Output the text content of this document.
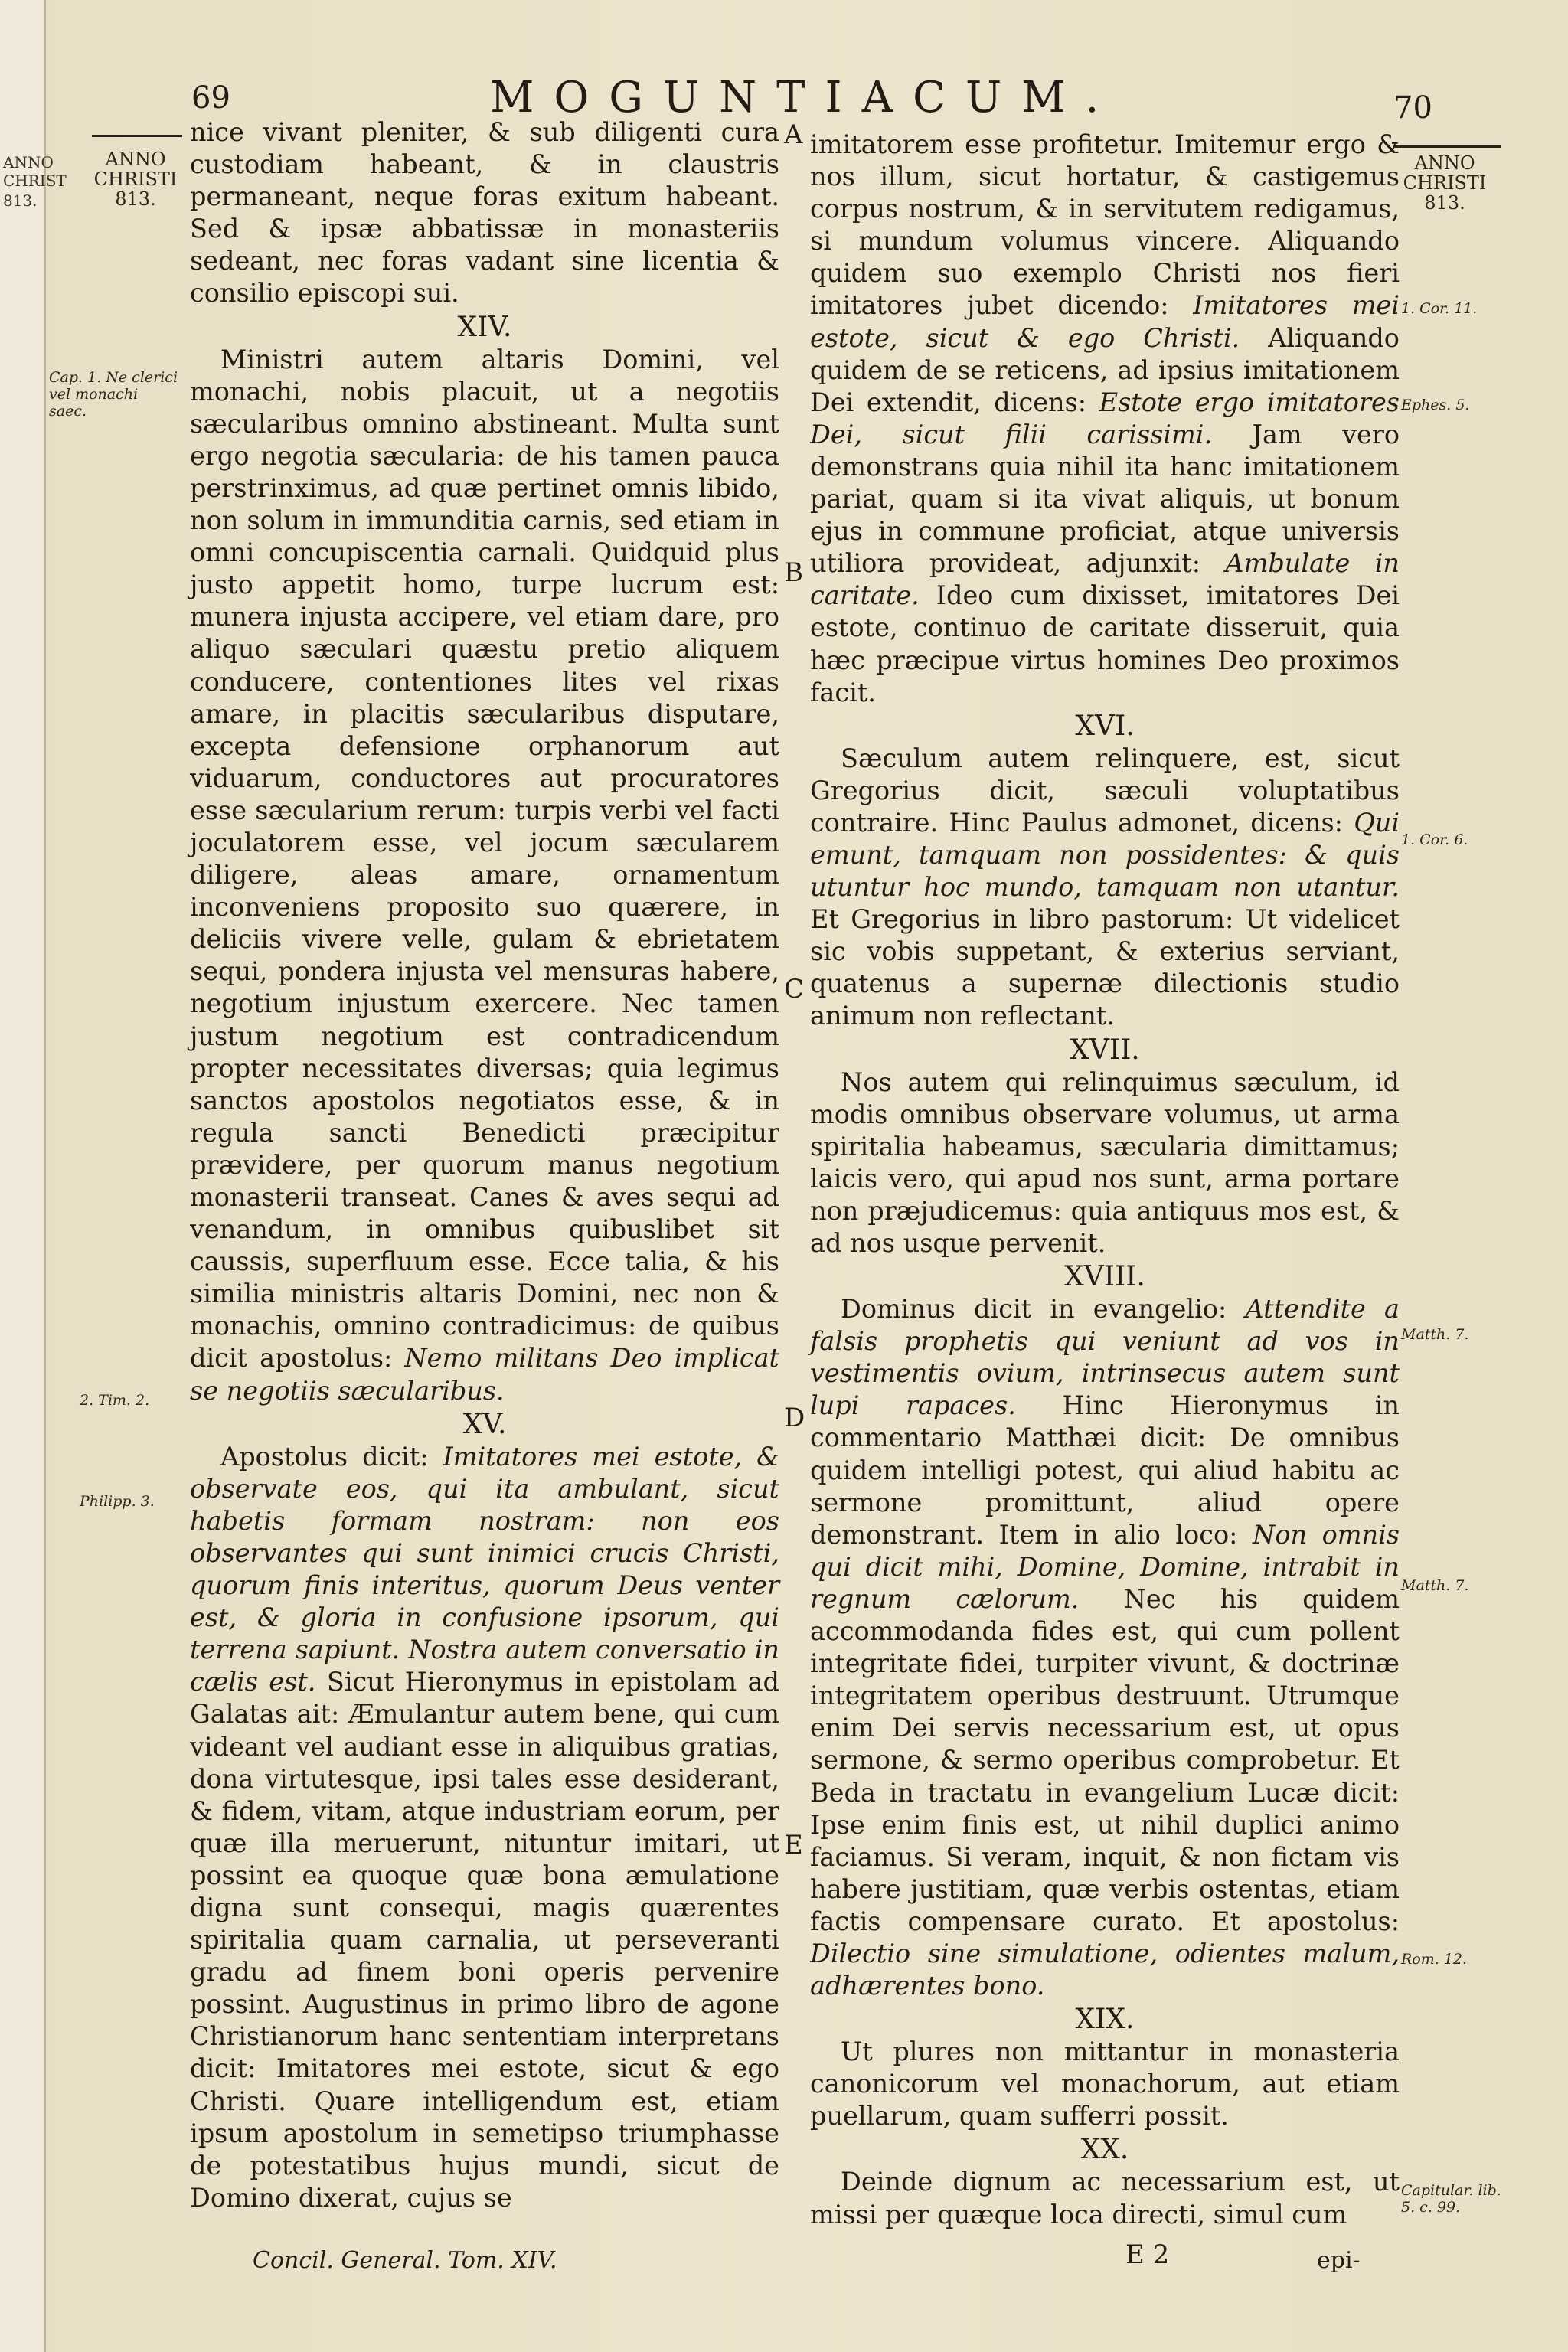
ANNO
CHRIST
813.
69	MOGUNTIACUM.	70
ANNO CHRISTI 813.
Cap. 1. Ne clerici vel monachi saec.
2. Tim. 2.
Philipp. 3.
ANNO CHRISTI 813.
1. Cor. 11.
Ephes. 5.
1. Cor. 6.
Matth. 7.
Matth. 7.
Rom. 12.
Capitular. lib. 5. c. 99.
A
B
C
D
E

nice vivant pleniter, & sub diligenti cura custodiam habeant, & in claustris permaneant, neque foras exitum habeant. Sed & ipsæ abbatissæ in monasteriis sedeant, nec foras vadant sine licentia & consilio episcopi sui.

XIV.

Ministri autem altaris Domini, vel monachi, nobis placuit, ut a negotiis sæcularibus omnino abstineant. Multa sunt ergo negotia sæcularia: de his tamen pauca perstrinximus, ad quæ pertinet omnis libido, non solum in immunditia carnis, sed etiam in omni concupiscentia carnali. Quidquid plus justo appetit homo, turpe lucrum est: munera injusta accipere, vel etiam dare, pro aliquo sæculari quæstu pretio aliquem conducere, contentiones lites vel rixas amare, in placitis sæcularibus disputare, excepta defensione orphanorum aut viduarum, conductores aut procuratores esse sæcularium rerum: turpis verbi vel facti joculatorem esse, vel jocum sæcularem diligere, aleas amare, ornamentum inconveniens proposito suo quærere, in deliciis vivere velle, gulam & ebrietatem sequi, pondera injusta vel mensuras habere, negotium injustum exercere. Nec tamen justum negotium est contradicendum propter necessitates diversas; quia legimus sanctos apostolos negotiatos esse, & in regula sancti Benedicti præcipitur prævidere, per quorum manus negotium monasterii transeat. Canes & aves sequi ad venandum, in omnibus quibuslibet sit caussis, superfluum esse. Ecce talia, & his similia ministris altaris Domini, nec non & monachis, omnino contradicimus: de quibus dicit apostolus: Nemo militans Deo implicat se negotiis sæcularibus.

XV.

Apostolus dicit: Imitatores mei estote, & observate eos, qui ita ambulant, sicut habetis formam nostram: non eos observantes qui sunt inimici crucis Christi, quorum finis interitus, quorum Deus venter est, & gloria in confusione ipsorum, qui terrena sapiunt. Nostra autem conversatio in cælis est. Sicut Hieronymus in epistolam ad Galatas ait: Æmulantur autem bene, qui cum videant vel audiant esse in aliquibus gratias, dona virtutesque, ipsi tales esse desiderant, & fidem, vitam, atque industriam eorum, per quæ illa meruerunt, nituntur imitari, ut possint ea quoque quæ bona æmulatione digna sunt consequi, magis quærentes spiritalia quam carnalia, ut perseveranti gradu ad finem boni operis pervenire possint. Augustinus in primo libro de agone Christianorum hanc sententiam interpretans dicit: Imitatores mei estote, sicut & ego Christi. Quare intelligendum est, etiam ipsum apostolum in semetipso triumphasse de potestatibus hujus mundi, sicut de Domino dixerat, cujus se

imitatorem esse profitetur. Imitemur ergo & nos illum, sicut hortatur, & castigemus corpus nostrum, & in servitutem redigamus, si mundum volumus vincere. Aliquando quidem suo exemplo Christi nos fieri imitatores jubet dicendo: Imitatores mei estote, sicut & ego Christi. Aliquando quidem de se reticens, ad ipsius imitationem Dei extendit, dicens: Estote ergo imitatores Dei, sicut filii carissimi. Jam vero demonstrans quia nihil ita hanc imitationem pariat, quam si ita vivat aliquis, ut bonum ejus in commune proficiat, atque universis utiliora provideat, adjunxit: Ambulate in caritate. Ideo cum dixisset, imitatores Dei estote, continuo de caritate disseruit, quia hæc præcipue virtus homines Deo proximos facit.

XVI.

Sæculum autem relinquere, est, sicut Gregorius dicit, sæculi voluptatibus contraire. Hinc Paulus admonet, dicens: Qui emunt, tamquam non possidentes: & quis utuntur hoc mundo, tamquam non utantur. Et Gregorius in libro pastorum: Ut videlicet sic vobis suppetant, & exterius serviant, quatenus a supernæ dilectionis studio animum non reflectant.

XVII.

Nos autem qui relinquimus sæculum, id modis omnibus observare volumus, ut arma spiritalia habeamus, sæcularia dimittamus; laicis vero, qui apud nos sunt, arma portare non præjudicemus: quia antiquus mos est, & ad nos usque pervenit.

XVIII.

Dominus dicit in evangelio: Attendite a falsis prophetis qui veniunt ad vos in vestimentis ovium, intrinsecus autem sunt lupi rapaces. Hinc Hieronymus in commentario Matthæi dicit: De omnibus quidem intelligi potest, qui aliud habitu ac sermone promittunt, aliud opere demonstrant. Item in alio loco: Non omnis qui dicit mihi, Domine, Domine, intrabit in regnum cælorum. Nec his quidem accommodanda fides est, qui cum pollent integritate fidei, turpiter vivunt, & doctrinæ integritatem operibus destruunt. Utrumque enim Dei servis necessarium est, ut opus sermone, & sermo operibus comprobetur. Et Beda in tractatu in evangelium Lucæ dicit: Ipse enim finis est, ut nihil duplici animo faciamus. Si veram, inquit, & non fictam vis habere justitiam, quæ verbis ostentas, etiam factis compensare curato. Et apostolus: Dilectio sine simulatione, odientes malum, adhærentes bono.

XIX.

Ut plures non mittantur in monasteria canonicorum vel monachorum, aut etiam puellarum, quam sufferri possit.

XX.

Deinde dignum ac necessarium est, ut missi per quæque loca directi, simul cum

Concil. General. Tom. XIV.	E 2	epi-
